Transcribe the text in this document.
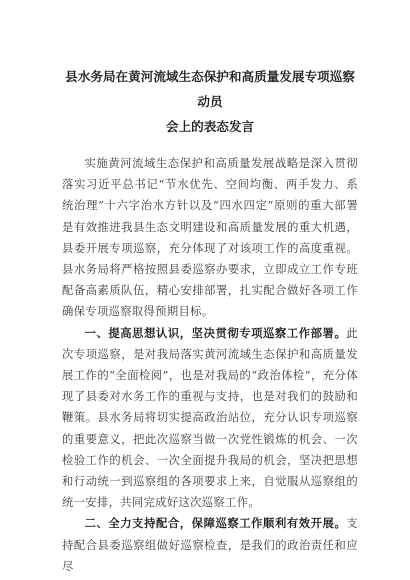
县水务局在黄河流域生态保护和高质量发展专项巡察动员
会上的表态发言

实施黄河流域生态保护和高质量发展战略是深入贯彻落实习近平总书记“节水优先、空间均衡、两手发力、系统治理”十六字治水方针以及“四水四定”原则的重大部署是有效推进我县生态文明建设和高质量发展的重大机遇，县委开展专项巡察，充分体现了对该项工作的高度重视。县水务局将严格按照县委巡察办要求，立即成立工作专班配备高素质队伍，精心安排部署，扎实配合做好各项工作确保专项巡察取得预期目标。

一、提高思想认识，坚决贯彻专项巡察工作部署。此次专项巡察，是对我局落实黄河流域生态保护和高质量发展工作的“全面检阅”，也是对我局的“政治体检”，充分体现了县委对水务工作的重视与支持，也是对我们的鼓励和鞭策。县水务局将切实提高政治站位，充分认识专项巡察的重要意义，把此次巡察当做一次党性锻炼的机会、一次检验工作的机会、一次全面提升我局的机会，坚决把思想和行动统一到巡察组的各项要求上来，自觉服从巡察组的统一安排，共同完成好这次巡察工作。

二、全力支持配合，保障巡察工作顺利有效开展。支持配合县委巡察组做好巡察检查，是我们的政治责任和应尽
